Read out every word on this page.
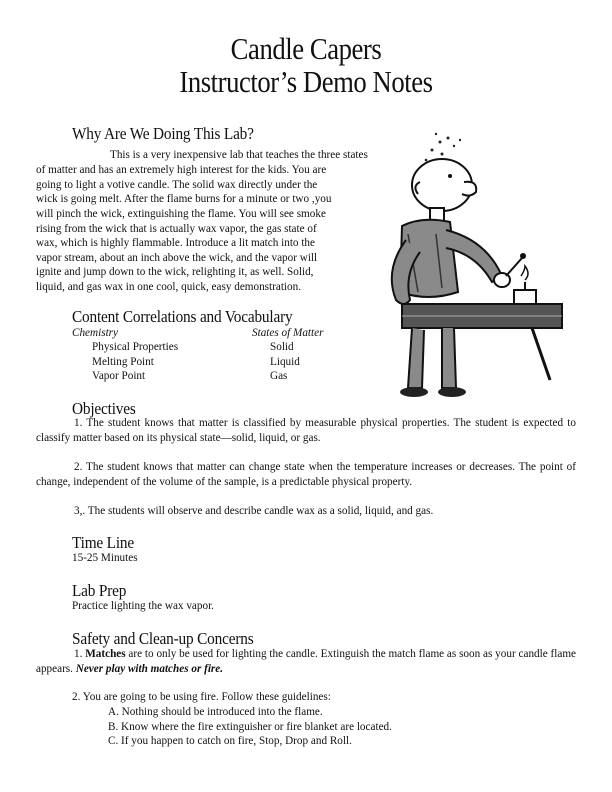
Candle Capers
Instructor’s Demo Notes
Why Are We Doing This Lab?
This is a very inexpensive lab that teaches the three states
of matter and has an extremely high interest for the kids. You are
going to light a votive candle. The solid wax directly under the
wick is going melt. After the flame burns for a minute or two ,you
will pinch the wick, extinguishing the flame. You will see smoke
rising from the wick that is actually wax vapor, the gas state of
wax, which is highly flammable. Introduce a lit match into the
vapor stream, about an inch above the wick, and the vapor will
ignite and jump down to the wick, relighting it, as well. Solid,
liquid, and gas wax in one cool, quick, easy demonstration.
Content Correlations and Vocabulary
Chemistry	States of Matter
Physical Properties
Melting Point
Vapor Point
Solid
Liquid
Gas
Objectives
1. The student knows that matter is classified by measurable physical properties. The student is expected to classify matter based on its physical state—solid, liquid, or gas.
2. The student knows that matter can change state when the temperature increases or decreases. The point of change, independent of the volume of the sample, is a predictable physical property.
3,. The students will observe and describe candle wax as a solid, liquid, and gas.
Time Line
15-25 Minutes
Lab Prep
Practice lighting the wax vapor.
Safety and Clean-up Concerns
1. Matches are to only be used for lighting the candle. Extinguish the match flame as soon as your candle flame appears. Never play with matches or fire.
2. You are going to be using fire. Follow these guidelines:
A. Nothing should be introduced into the flame.
B. Know where the fire extinguisher or fire blanket are located.
C. If you happen to catch on fire, Stop, Drop and Roll.
